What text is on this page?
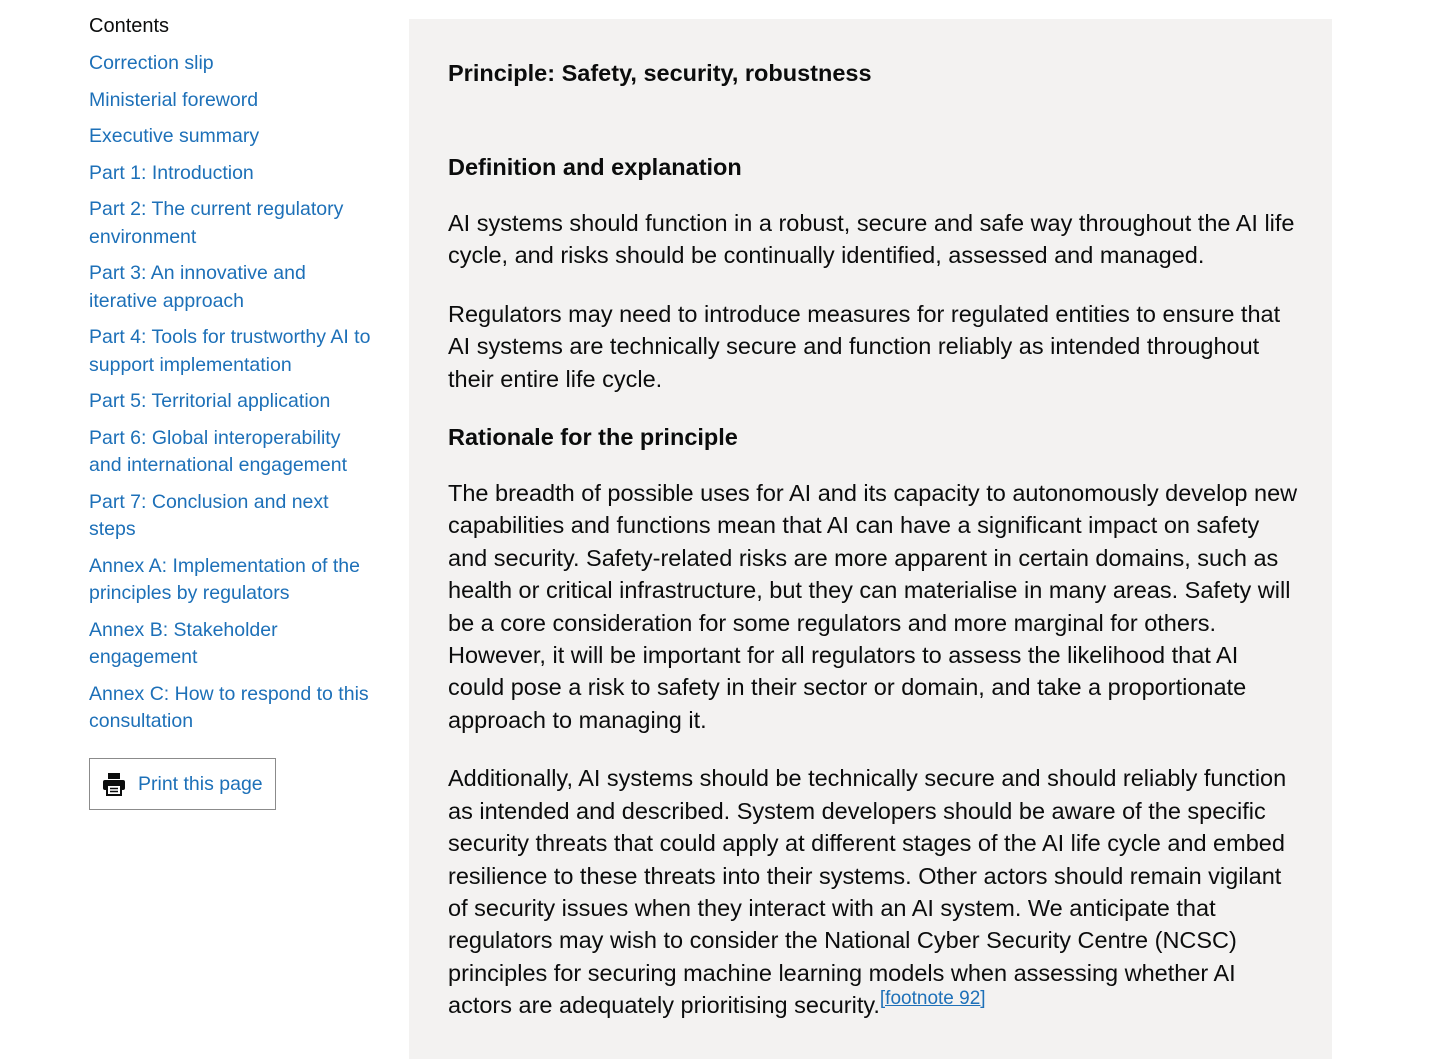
Contents
Correction slip
Ministerial foreword
Executive summary
Part 1: Introduction
Part 2: The current regulatory environment
Part 3: An innovative and iterative approach
Part 4: Tools for trustworthy AI to support implementation
Part 5: Territorial application
Part 6: Global interoperability and international engagement
Part 7: Conclusion and next steps
Annex A: Implementation of the principles by regulators
Annex B: Stakeholder engagement
Annex C: How to respond to this consultation
Print this page
Principle: Safety, security, robustness
Definition and explanation

AI systems should function in a robust, secure and safe way throughout the AI life cycle, and risks should be continually identified, assessed and managed.

Regulators may need to introduce measures for regulated entities to ensure that AI systems are technically secure and function reliably as intended throughout their entire life cycle.

Rationale for the principle

The breadth of possible uses for AI and its capacity to autonomously develop new capabilities and functions mean that AI can have a significant impact on safety and security. Safety-related risks are more apparent in certain domains, such as health or critical infrastructure, but they can materialise in many areas. Safety will be a core consideration for some regulators and more marginal for others. However, it will be important for all regulators to assess the likelihood that AI could pose a risk to safety in their sector or domain, and take a proportionate approach to managing it.

Additionally, AI systems should be technically secure and should reliably function as intended and described. System developers should be aware of the specific security threats that could apply at different stages of the AI life cycle and embed resilience to these threats into their systems. Other actors should remain vigilant of security issues when they interact with an AI system. We anticipate that regulators may wish to consider the National Cyber Security Centre (NCSC) principles for securing machine learning models when assessing whether AI actors are adequately prioritising security.[footnote 92]
